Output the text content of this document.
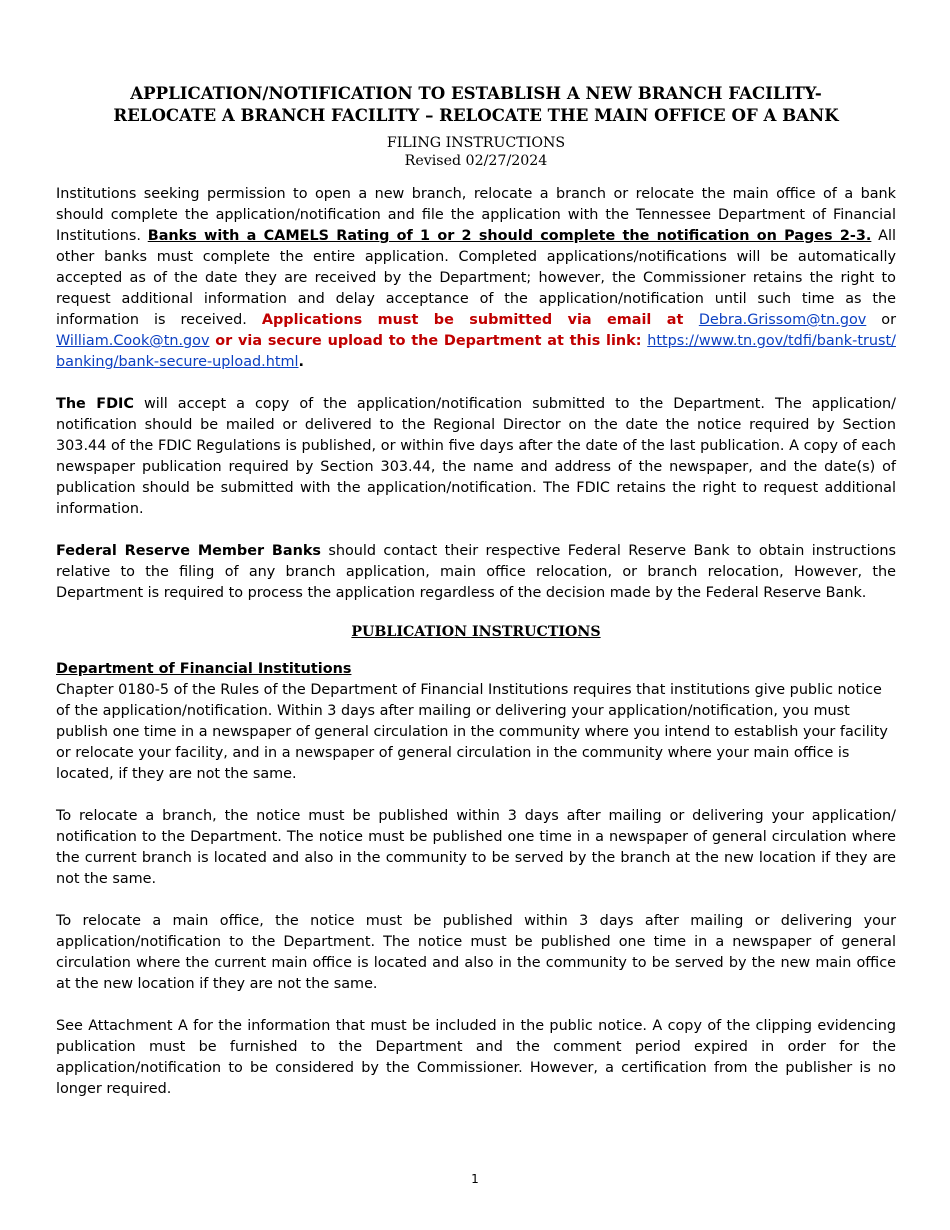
APPLICATION/NOTIFICATION TO ESTABLISH A NEW BRANCH FACILITY-

RELOCATE A BRANCH FACILITY – RELOCATE THE MAIN OFFICE OF A BANK

FILING INSTRUCTIONS

Revised 02/27/2024

Institutions seeking permission to open a new branch, relocate a branch or relocate the main office of a bank should complete the application/notification and file the application with the Tennessee Department of Financial Institutions. Banks with a CAMELS Rating of 1 or 2 should complete the notification on Pages 2-3. All other banks must complete the entire application. Completed applications/notifications will be automatically accepted as of the date they are received by the Department; however, the Commissioner retains the right to request additional information and delay acceptance of the application/notification until such time as the information is received. Applications must be submitted via email at Debra.Grissom@tn.gov or William.Cook@tn.gov or via secure upload to the Department at this link: https://www.tn.gov/tdfi/bank-trust/banking/bank-secure-upload.html.

The FDIC will accept a copy of the application/notification submitted to the Department. The application/ notification should be mailed or delivered to the Regional Director on the date the notice required by Section 303.44 of the FDIC Regulations is published, or within five days after the date of the last publication. A copy of each newspaper publication required by Section 303.44, the name and address of the newspaper, and the date(s) of publication should be submitted with the application/notification. The FDIC retains the right to request additional information.

Federal Reserve Member Banks should contact their respective Federal Reserve Bank to obtain instructions relative to the filing of any branch application, main office relocation, or branch relocation, However, the Department is required to process the application regardless of the decision made by the Federal Reserve Bank.

PUBLICATION INSTRUCTIONS
Department of Financial Institutions

Chapter 0180-5 of the Rules of the Department of Financial Institutions requires that institutions give public notice of the application/notification. Within 3 days after mailing or delivering your application/notification, you must publish one time in a newspaper of general circulation in the community where you intend to establish your facility or relocate your facility, and in a newspaper of general circulation in the community where your main office is located, if they are not the same.

To relocate a branch, the notice must be published within 3 days after mailing or delivering your application/ notification to the Department. The notice must be published one time in a newspaper of general circulation where the current branch is located and also in the community to be served by the branch at the new location if they are not the same.

To relocate a main office, the notice must be published within 3 days after mailing or delivering your application/notification to the Department. The notice must be published one time in a newspaper of general circulation where the current main office is located and also in the community to be served by the new main office at the new location if they are not the same.

See Attachment A for the information that must be included in the public notice. A copy of the clipping evidencing publication must be furnished to the Department and the comment period expired in order for the application/notification to be considered by the Commissioner. However, a certification from the publisher is no longer required.

1
